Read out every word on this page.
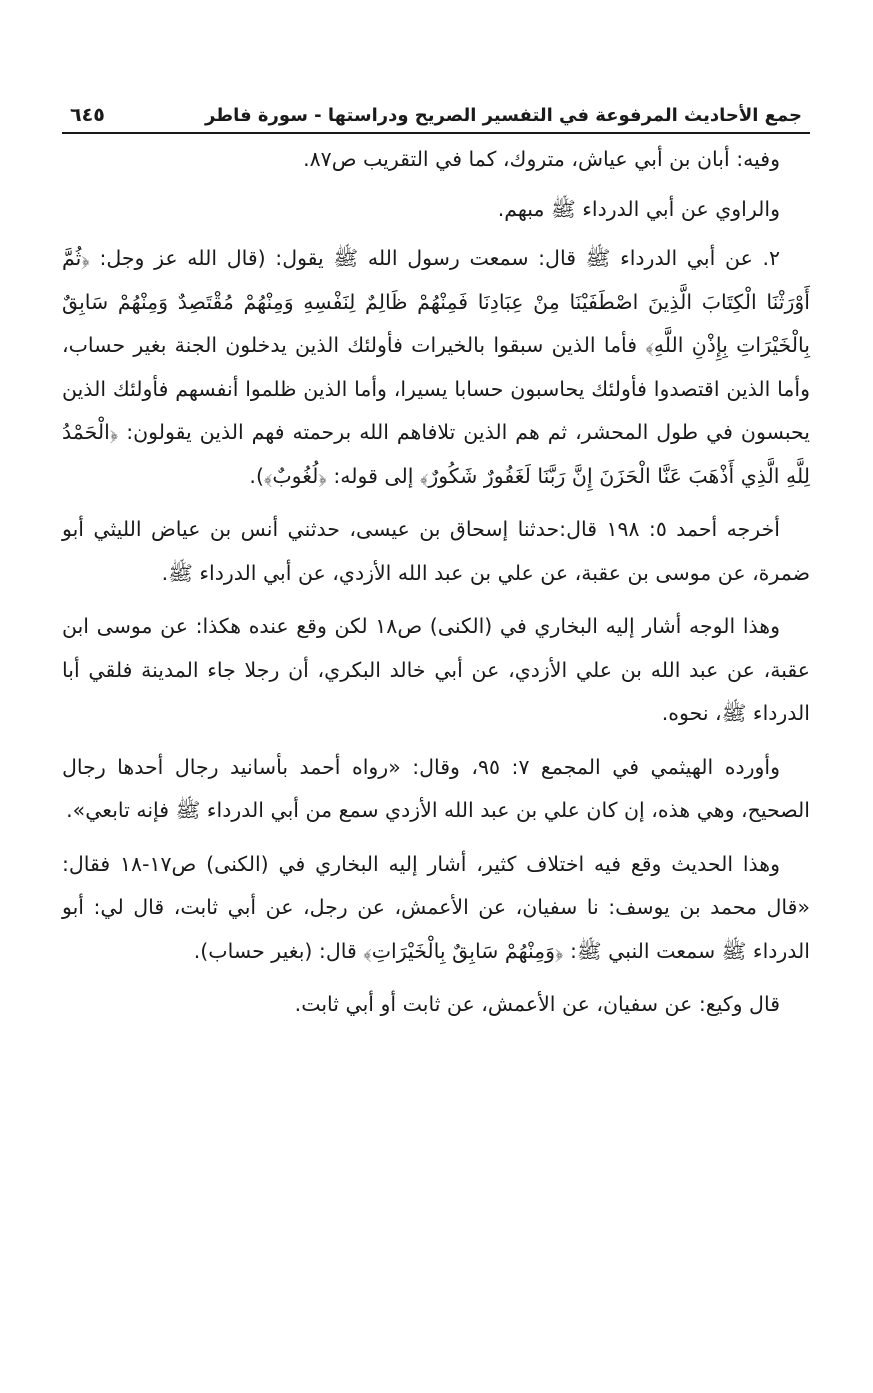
جمع الأحاديث المرفوعة في التفسير الصريح ودراستها - سورة فاطر
٦٤٥

وفيه: أبان بن أبي عياش، متروك، كما في التقريب ص٨٧.

والراوي عن أبي الدرداء ﷺ مبهم.

٢. عن أبي الدرداء ﷺ قال: سمعت رسول الله ﷺ يقول: (قال الله عز وجل: ﴿ثُمَّ أَوْرَثْنَا الْكِتَابَ الَّذِينَ اصْطَفَيْنَا مِنْ عِبَادِنَا فَمِنْهُمْ ظَالِمٌ لِنَفْسِهِ وَمِنْهُمْ مُقْتَصِدٌ وَمِنْهُمْ سَابِقٌ بِالْخَيْرَاتِ بِإِذْنِ اللَّهِ﴾ فأما الذين سبقوا بالخيرات فأولئك الذين يدخلون الجنة بغير حساب، وأما الذين اقتصدوا فأولئك يحاسبون حسابا يسيرا، وأما الذين ظلموا أنفسهم فأولئك الذين يحبسون في طول المحشر، ثم هم الذين تلافاهم الله برحمته فهم الذين يقولون: ﴿الْحَمْدُ لِلَّهِ الَّذِي أَذْهَبَ عَنَّا الْحَزَنَ إِنَّ رَبَّنَا لَغَفُورٌ شَكُورٌ﴾ إلى قوله: ﴿لُغُوبٌ﴾).

أخرجه أحمد ٥: ١٩٨ قال:حدثنا إسحاق بن عيسى، حدثني أنس بن عياض الليثي أبو ضمرة، عن موسى بن عقبة، عن علي بن عبد الله الأزدي، عن أبي الدرداء ﷺ.

وهذا الوجه أشار إليه البخاري في (الكنى) ص١٨ لكن وقع عنده هكذا: عن موسى ابن عقبة، عن عبد الله بن علي الأزدي، عن أبي خالد البكري، أن رجلا جاء المدينة فلقي أبا الدرداء ﷺ، نحوه.

وأورده الهيثمي في المجمع ٧: ٩٥، وقال: «رواه أحمد بأسانيد رجال أحدها رجال الصحيح، وهي هذه، إن كان علي بن عبد الله الأزدي سمع من أبي الدرداء ﷺ فإنه تابعي».

وهذا الحديث وقع فيه اختلاف كثير، أشار إليه البخاري في (الكنى) ص١٧-١٨ فقال: «قال محمد بن يوسف: نا سفيان، عن الأعمش، عن رجل، عن أبي ثابت، قال لي: أبو الدرداء ﷺ سمعت النبي ﷺ: ﴿وَمِنْهُمْ سَابِقٌ بِالْخَيْرَاتِ﴾ قال: (بغير حساب).

قال وكيع: عن سفيان، عن الأعمش، عن ثابت أو أبي ثابت.
